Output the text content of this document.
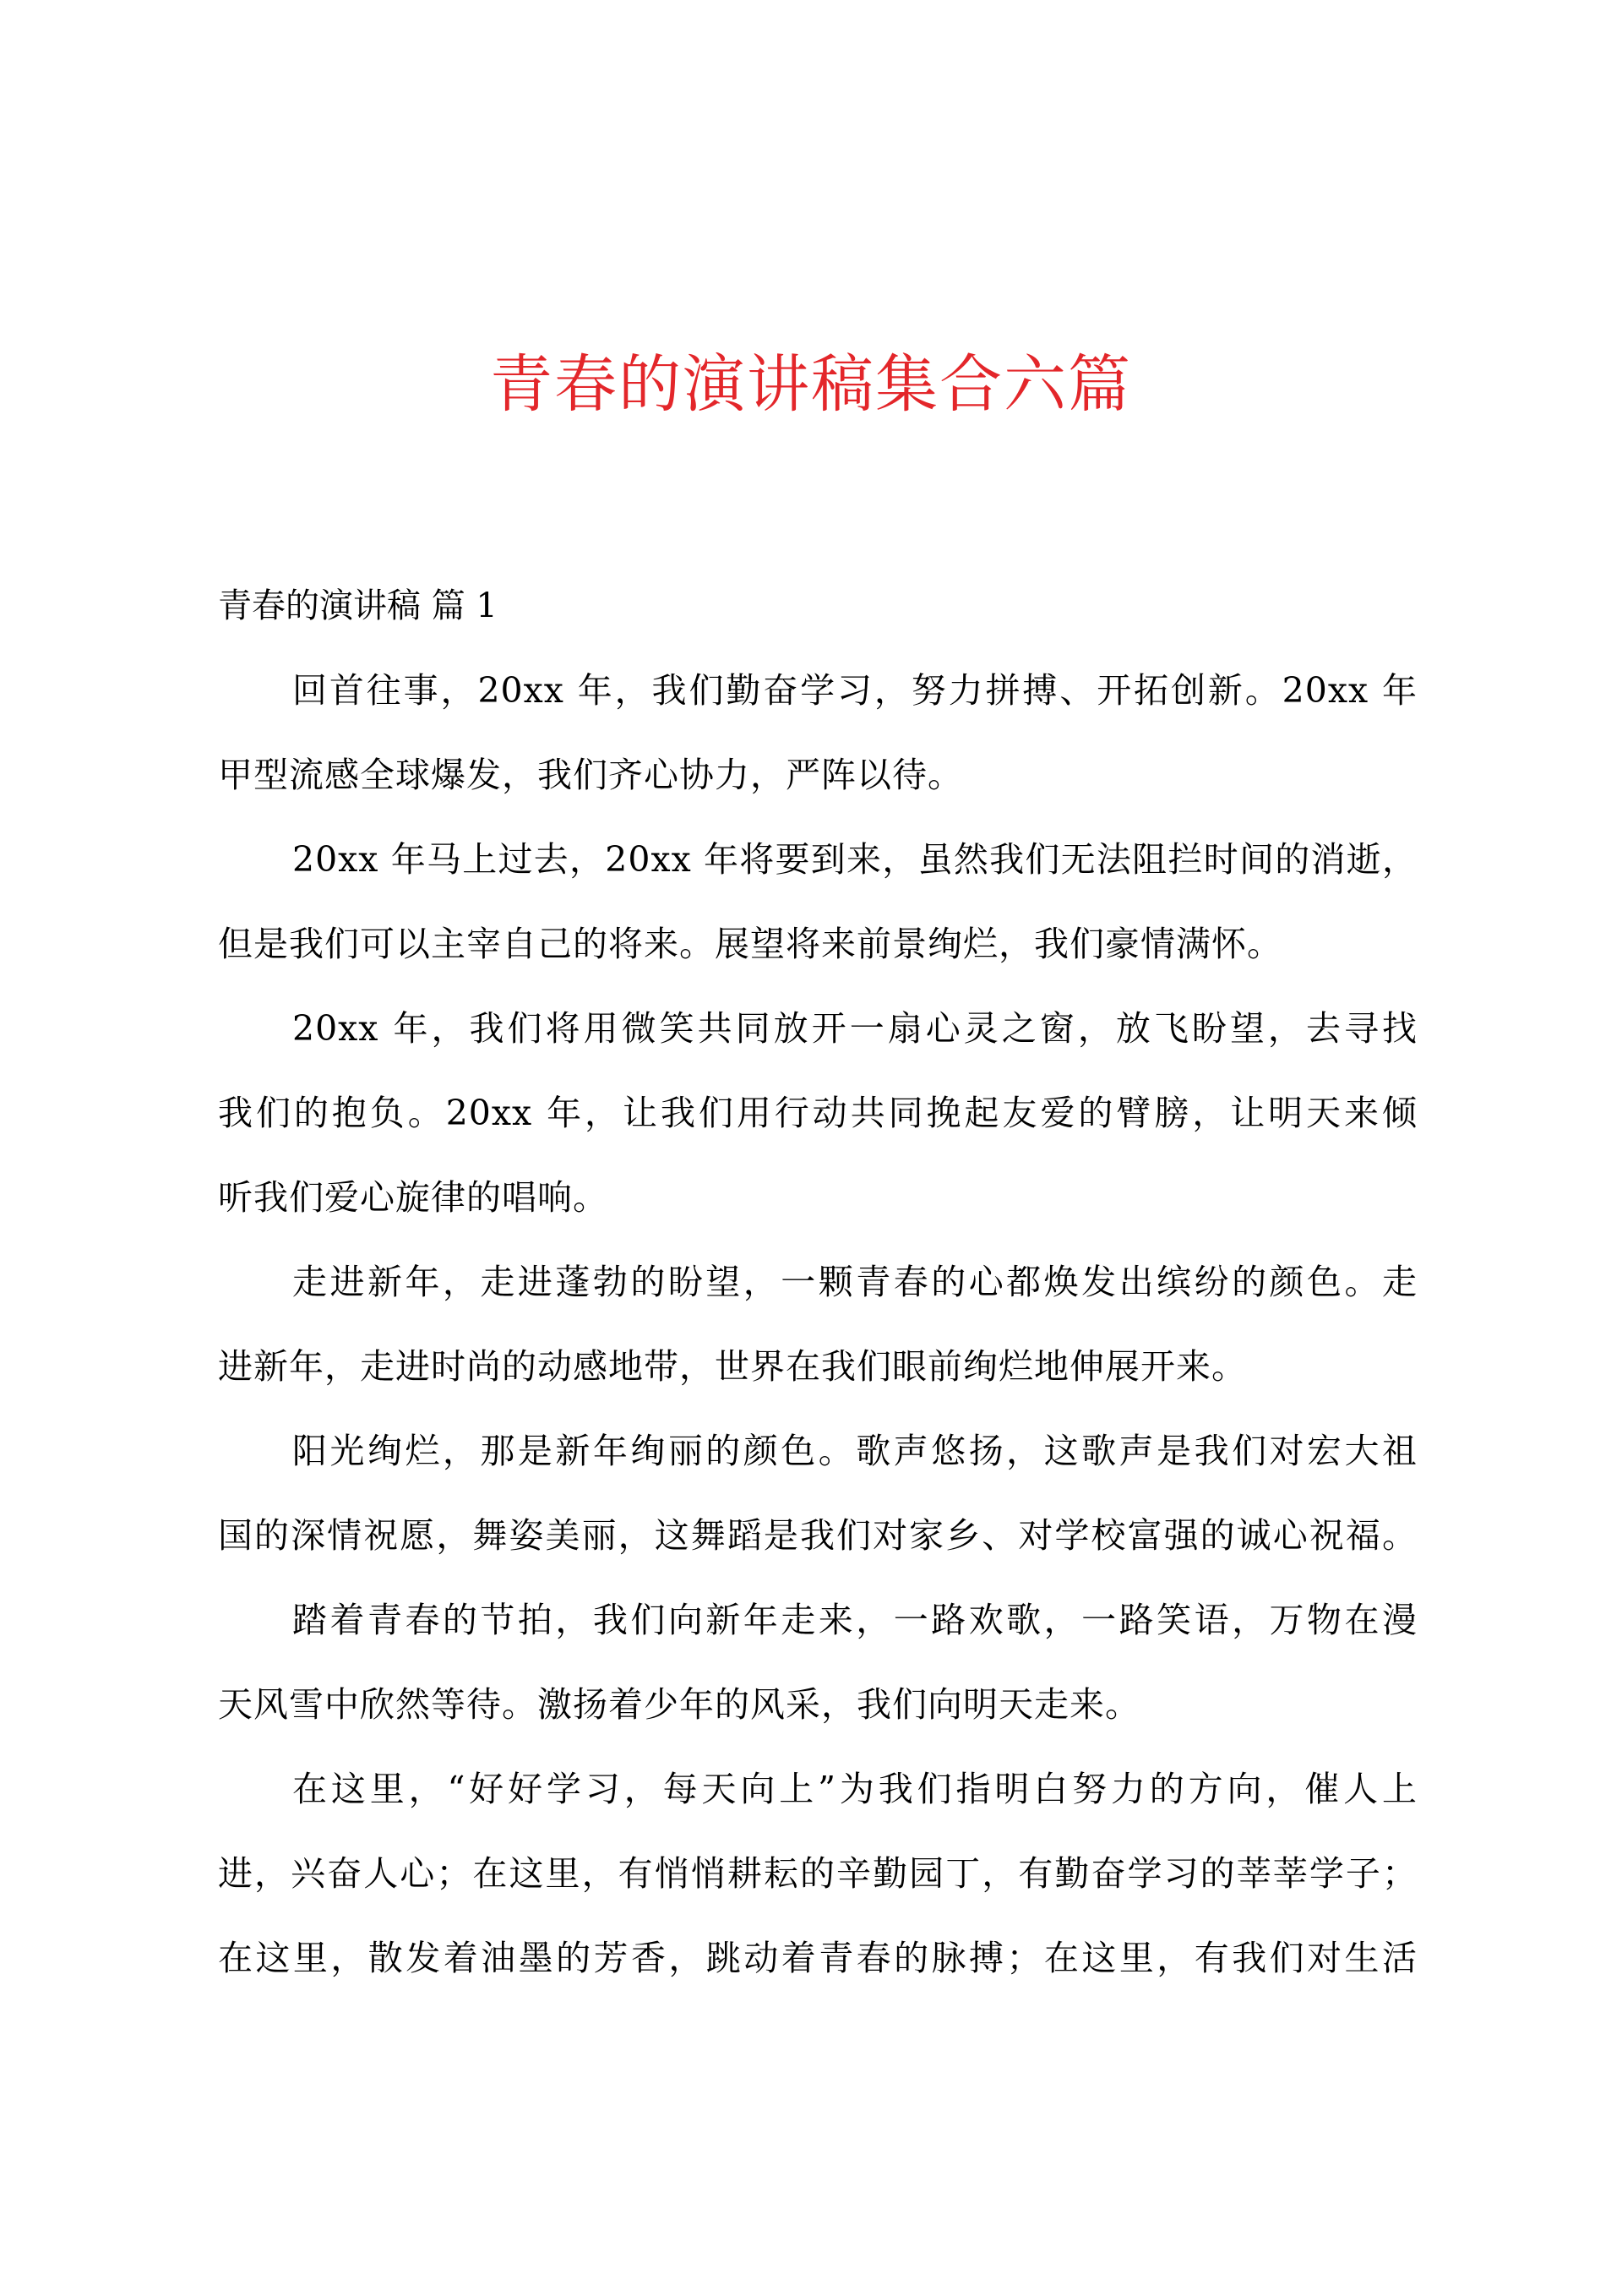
青春的演讲稿集合六篇
青春的演讲稿 篇 1
回首往事，20xx 年，我们勤奋学习，努力拼搏、开拓创新。20xx 年
甲型流感全球爆发，我们齐心协力，严阵以待。
20xx 年马上过去，20xx 年将要到来，虽然我们无法阻拦时间的消逝，
但是我们可以主宰自己的将来。展望将来前景绚烂，我们豪情满怀。
20xx 年，我们将用微笑共同放开一扇心灵之窗，放飞盼望，去寻找
我们的抱负。20xx 年，让我们用行动共同挽起友爱的臂膀，让明天来倾
听我们爱心旋律的唱响。
走进新年，走进蓬勃的盼望，一颗青春的心都焕发出缤纷的颜色。走
进新年，走进时尚的动感地带，世界在我们眼前绚烂地伸展开来。
阳光绚烂，那是新年绚丽的颜色。歌声悠扬，这歌声是我们对宏大祖
国的深情祝愿，舞姿美丽，这舞蹈是我们对家乡、对学校富强的诚心祝福。
踏着青春的节拍，我们向新年走来，一路欢歌，一路笑语，万物在漫
天风雪中欣然等待。激扬着少年的风采，我们向明天走来。
在这里，“好好学习，每天向上”为我们指明白努力的方向，催人上
进，兴奋人心；在这里，有悄悄耕耘的辛勤园丁，有勤奋学习的莘莘学子；
在这里，散发着油墨的芳香，跳动着青春的脉搏；在这里，有我们对生活
